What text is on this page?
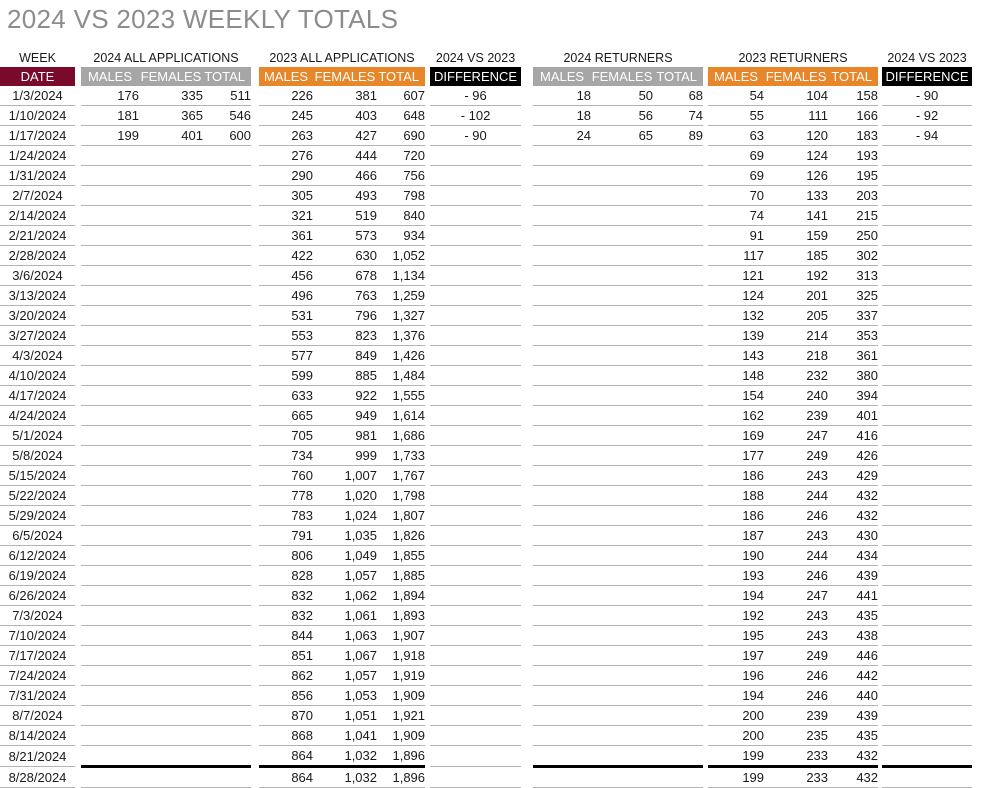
2024 VS 2023 WEEKLY TOTALS
WEEK		2024 ALL APPLICATIONS				2023 ALL APPLICATIONS				2024 VS 2023		2024 RETURNERS				2023 RETURNERS				2024 VS 2023
DATE		MALES	FEMALES	TOTAL		MALES	FEMALES	TOTAL		DIFFERENCE		MALES	FEMALES	TOTAL		MALES	FEMALES	TOTAL		DIFFERENCE
1/3/2024		176	335	511		226	381	607		- 96		18	50	68		54	104	158		- 90
1/10/2024		181	365	546		245	403	648		- 102		18	56	74		55	111	166		- 92
1/17/2024		199	401	600		263	427	690		- 90		24	65	89		63	120	183		- 94
1/24/2024						276	444	720								69	124	193		
1/31/2024						290	466	756								69	126	195		
2/7/2024						305	493	798								70	133	203		
2/14/2024						321	519	840								74	141	215		
2/21/2024						361	573	934								91	159	250		
2/28/2024						422	630	1,052								117	185	302		
3/6/2024						456	678	1,134								121	192	313		
3/13/2024						496	763	1,259								124	201	325		
3/20/2024						531	796	1,327								132	205	337		
3/27/2024						553	823	1,376								139	214	353		
4/3/2024						577	849	1,426								143	218	361		
4/10/2024						599	885	1,484								148	232	380		
4/17/2024						633	922	1,555								154	240	394		
4/24/2024						665	949	1,614								162	239	401		
5/1/2024						705	981	1,686								169	247	416		
5/8/2024						734	999	1,733								177	249	426		
5/15/2024						760	1,007	1,767								186	243	429		
5/22/2024						778	1,020	1,798								188	244	432		
5/29/2024						783	1,024	1,807								186	246	432		
6/5/2024						791	1,035	1,826								187	243	430		
6/12/2024						806	1,049	1,855								190	244	434		
6/19/2024						828	1,057	1,885								193	246	439		
6/26/2024						832	1,062	1,894								194	247	441		
7/3/2024						832	1,061	1,893								192	243	435		
7/10/2024						844	1,063	1,907								195	243	438		
7/17/2024						851	1,067	1,918								197	249	446		
7/24/2024						862	1,057	1,919								196	246	442		
7/31/2024						856	1,053	1,909								194	246	440		
8/7/2024						870	1,051	1,921								200	239	439		
8/14/2024						868	1,041	1,909								200	235	435		
8/21/2024						864	1,032	1,896								199	233	432		
8/28/2024						864	1,032	1,896								199	233	432		
